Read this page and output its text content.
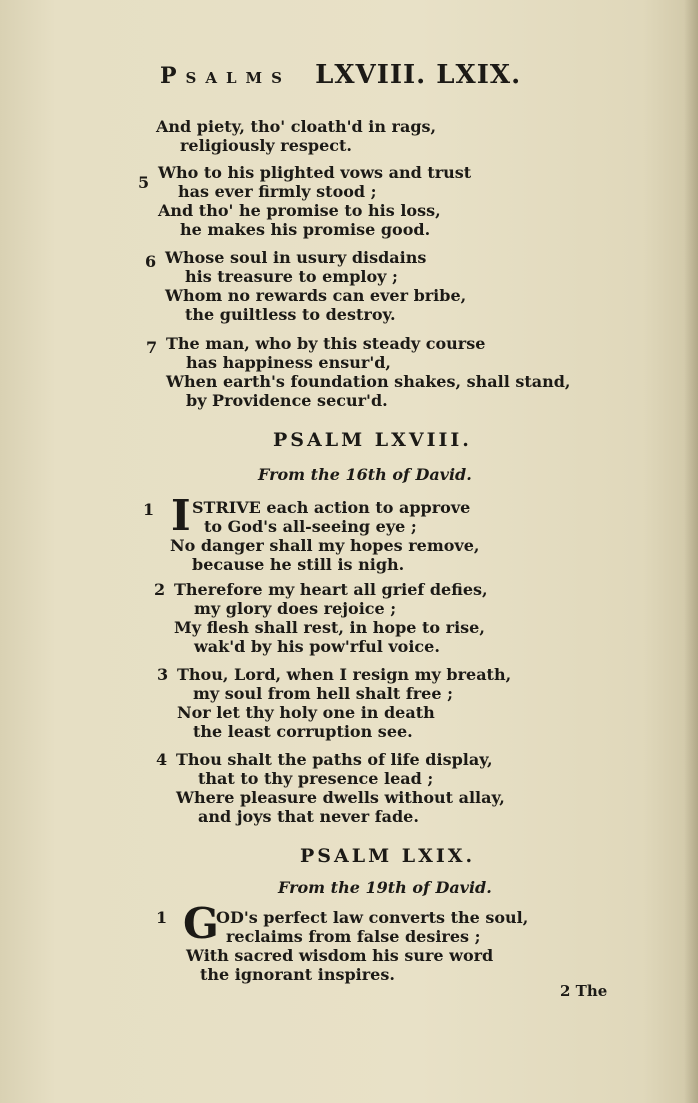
Psalms LXVIII. LXIX.
And piety, tho' cloath'd in rags,
religiously respect.
5
Who to his plighted vows and trust
has ever firmly stood ;
And tho' he promise to his loss,
he makes his promise good.
6 Whose soul in usury disdains
his treasure to employ ;
Whom no rewards can ever bribe,
the guiltless to destroy.
7 The man, who by this steady course
has happiness ensur'd,
When earth's foundation shakes, shall stand,
by Providence secur'd.
PSALM LXVIII.
From the 16th of David.
I
1 STRIVE each action to approve
to God's all-seeing eye ;
No danger shall my hopes remove,
because he still is nigh.
2 Therefore my heart all grief defies,
my glory does rejoice ;
My flesh shall rest, in hope to rise,
wak'd by his pow'rful voice.
3 Thou, Lord, when I resign my breath,
my soul from hell shalt free ;
Nor let thy holy one in death
the least corruption see.
4 Thou shalt the paths of life display,
that to thy presence lead ;
Where pleasure dwells without allay,
and joys that never fade.
PSALM LXIX.
From the 19th of David.
G
1	OD's perfect law converts the soul,
reclaims from false desires ;
With sacred wisdom his sure word
the ignorant inspires.
2 The
